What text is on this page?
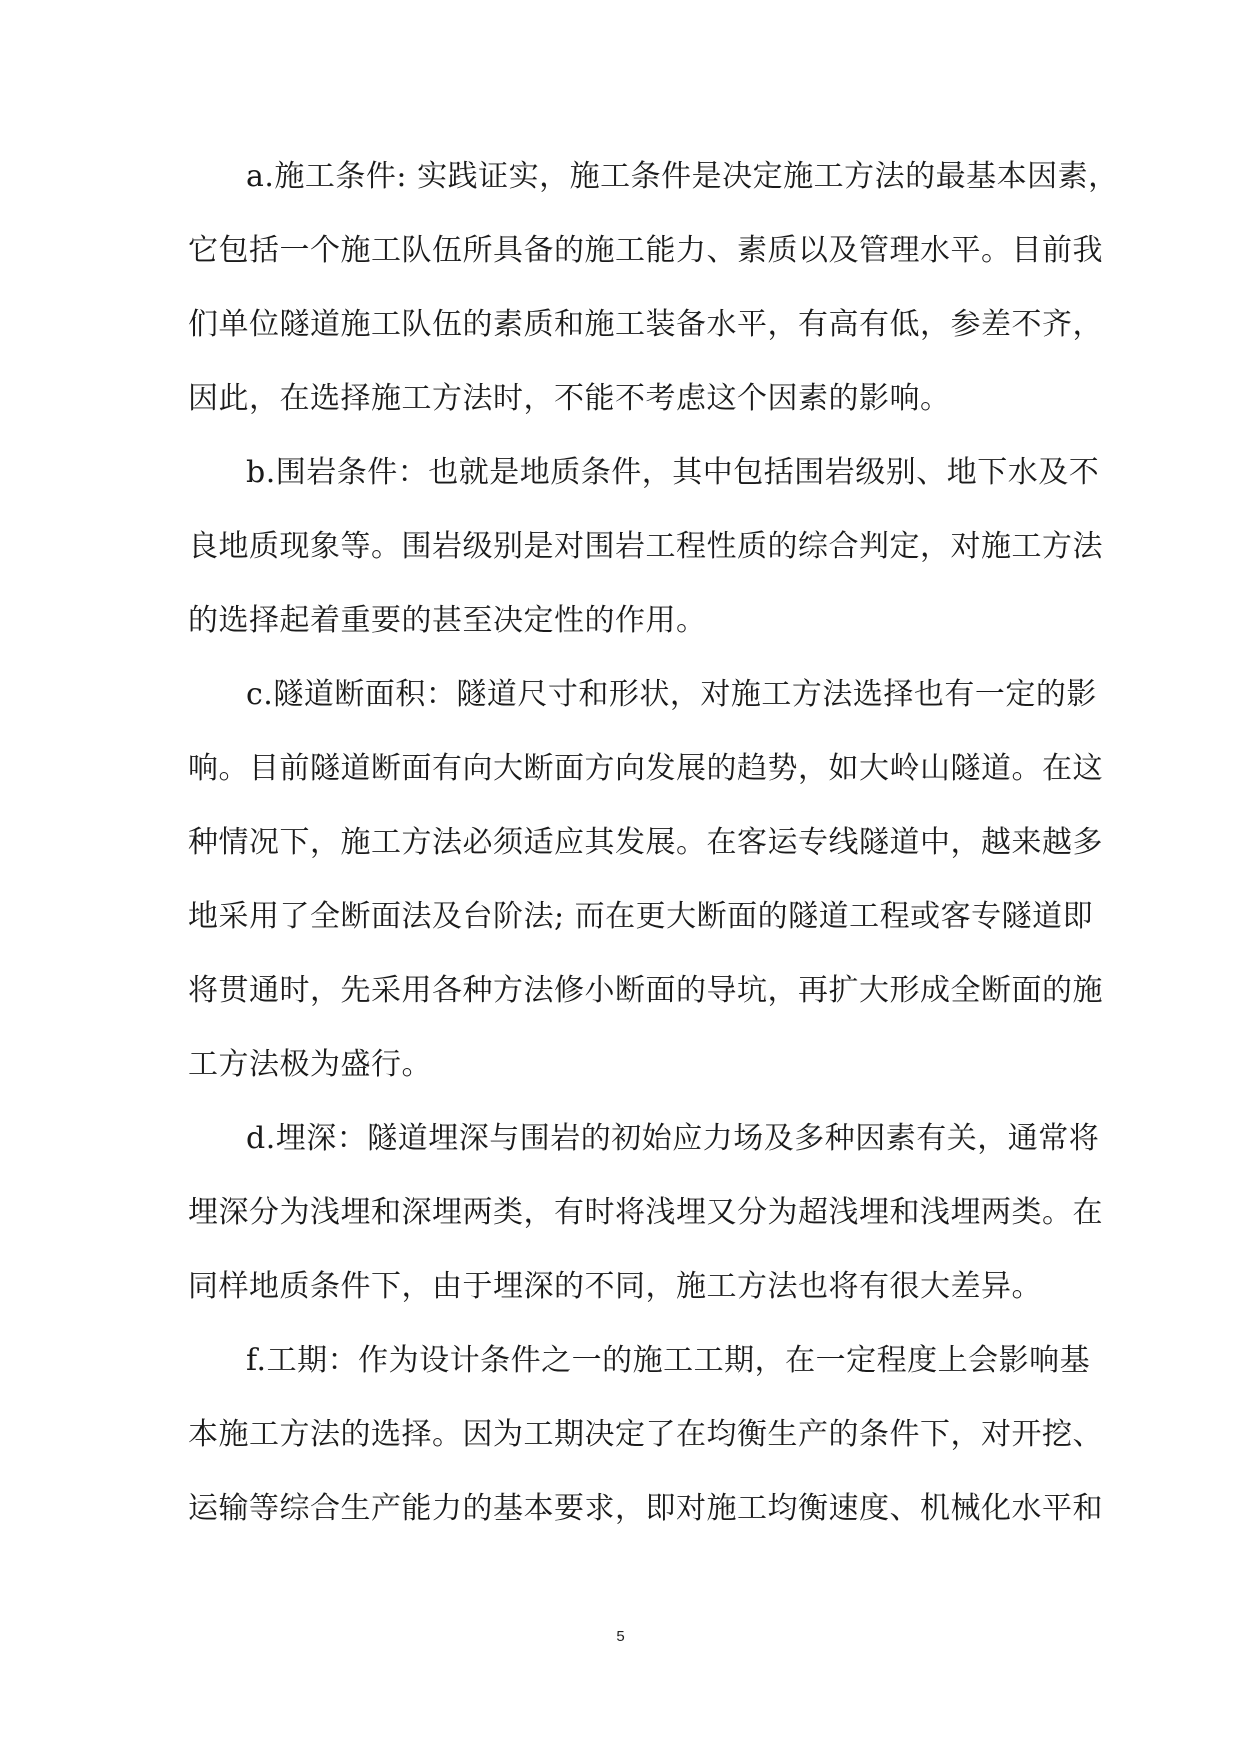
a.施工条件: 实践证实，施工条件是决定施工方法的最基本因素，
它包括一个施工队伍所具备的施工能力、素质以及管理水平。目前我
们单位隧道施工队伍的素质和施工装备水平，有高有低，参差不齐，
因此，在选择施工方法时，不能不考虑这个因素的影响。
b.围岩条件：也就是地质条件，其中包括围岩级别、地下水及不
良地质现象等。围岩级别是对围岩工程性质的综合判定，对施工方法
的选择起着重要的甚至决定性的作用。
c.隧道断面积：隧道尺寸和形状，对施工方法选择也有一定的影
响。目前隧道断面有向大断面方向发展的趋势，如大岭山隧道。在这
种情况下，施工方法必须适应其发展。在客运专线隧道中，越来越多
地采用了全断面法及台阶法; 而在更大断面的隧道工程或客专隧道即
将贯通时，先采用各种方法修小断面的导坑，再扩大形成全断面的施
工方法极为盛行。
d.埋深：隧道埋深与围岩的初始应力场及多种因素有关，通常将
埋深分为浅埋和深埋两类，有时将浅埋又分为超浅埋和浅埋两类。在
同样地质条件下，由于埋深的不同，施工方法也将有很大差异。
f.工期：作为设计条件之一的施工工期，在一定程度上会影响基
本施工方法的选择。因为工期决定了在均衡生产的条件下，对开挖、
运输等综合生产能力的基本要求，即对施工均衡速度、机械化水平和
5
